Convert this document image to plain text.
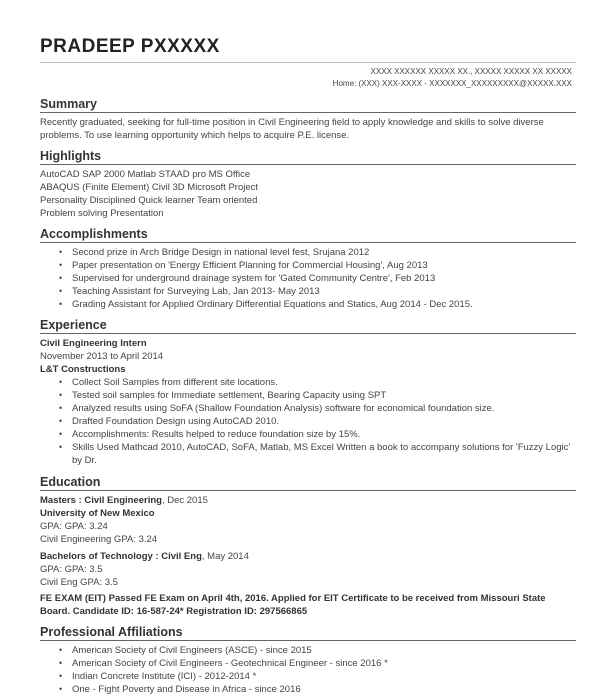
PRADEEP PXXXXX
XXXX XXXXXX XXXXX XX., XXXXX XXXXX XX XXXXX
Home: (XXX) XXX-XXXX - XXXXXXX_XXXXXXXXX@XXXXX.XXX
Summary
Recently graduated, seeking for full-time position in Civil Engineering field to apply knowledge and skills to solve diverse problems. To use learning opportunity which helps to acquire P.E. license.
Highlights
AutoCAD SAP 2000 Matlab STAAD pro MS Office
ABAQUS (Finite Element) Civil 3D Microsoft Project
Personality Disciplined Quick learner Team oriented
Problem solving Presentation
Accomplishments
• Second prize in Arch Bridge Design in national level fest, Srujana 2012
• Paper presentation on 'Energy Efficient Planning for Commercial Housing', Aug 2013
• Supervised for underground drainage system for 'Gated Community Centre', Feb 2013
• Teaching Assistant for Surveying Lab, Jan 2013- May 2013
• Grading Assistant for Applied Ordinary Differential Equations and Statics, Aug 2014 - Dec 2015.
Experience
Civil Engineering Intern
November 2013 to April 2014
L&T Constructions
• Collect Soil Samples from different site locations.
• Tested soil samples for Immediate settlement, Bearing Capacity using SPT
• Analyzed results using SoFA (Shallow Foundation Analysis) software for economical foundation size.
• Drafted Foundation Design using AutoCAD 2010.
• Accomplishments: Results helped to reduce foundation size by 15%.
• Skills Used Mathcad 2010, AutoCAD, SoFA, Matlab, MS Excel Written a book to accompany solutions for 'Fuzzy Logic' by Dr.
Education
Masters : Civil Engineering, Dec 2015
University of New Mexico
GPA: GPA: 3.24
Civil Engineering GPA: 3.24
Bachelors of Technology : Civil Eng, May 2014
GPA: GPA: 3.5
Civil Eng GPA: 3.5
FE EXAM (EIT) Passed FE Exam on April 4th, 2016. Applied for EIT Certificate to be received from Missouri State Board. Candidate ID: 16-587-24* Registration ID: 297566865
Professional Affiliations
• American Society of Civil Engineers (ASCE) - since 2015
• American Society of Civil Engineers - Geotechnical Engineer - since 2016 *
• Indian Concrete Institute (ICI) - 2012-2014 *
• One - Fight Poverty and Disease in Africa - since 2016
